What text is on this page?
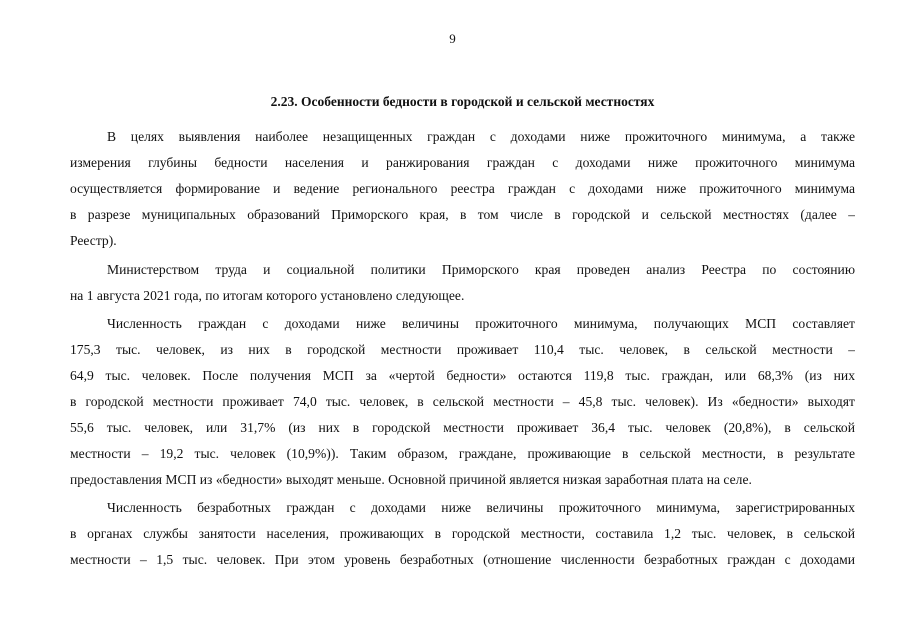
9
2.23. Особенности бедности в городской и сельской местностях
В целях выявления наиболее незащищенных граждан с доходами ниже прожиточного минимума, а также
измерения глубины бедности населения и ранжирования граждан с доходами ниже прожиточного минимума
осуществляется формирование и ведение регионального реестра граждан с доходами ниже прожиточного минимума
в разрезе муниципальных образований Приморского края, в том числе в городской и сельской местностях (далее –
Реестр).
Министерством труда и социальной политики Приморского края проведен анализ Реестра по состоянию
на 1 августа 2021 года, по итогам которого установлено следующее.
Численность граждан с доходами ниже величины прожиточного минимума, получающих МСП составляет
175,3 тыс. человек, из них в городской местности проживает 110,4 тыс. человек, в сельской местности –
64,9 тыс. человек. После получения МСП за «чертой бедности» остаются 119,8 тыс. граждан, или 68,3% (из них
в городской местности проживает 74,0 тыс. человек, в сельской местности – 45,8 тыс. человек). Из «бедности» выходят
55,6 тыс. человек, или 31,7% (из них в городской местности проживает 36,4 тыс. человек (20,8%), в сельской
местности – 19,2 тыс. человек (10,9%)). Таким образом, граждане, проживающие в сельской местности, в результате
предоставления МСП из «бедности» выходят меньше. Основной причиной является низкая заработная плата на селе.
Численность безработных граждан с доходами ниже величины прожиточного минимума, зарегистрированных
в органах службы занятости населения, проживающих в городской местности, составила 1,2 тыс. человек, в сельской
местности – 1,5 тыс. человек. При этом уровень безработных (отношение численности безработных граждан с доходами
